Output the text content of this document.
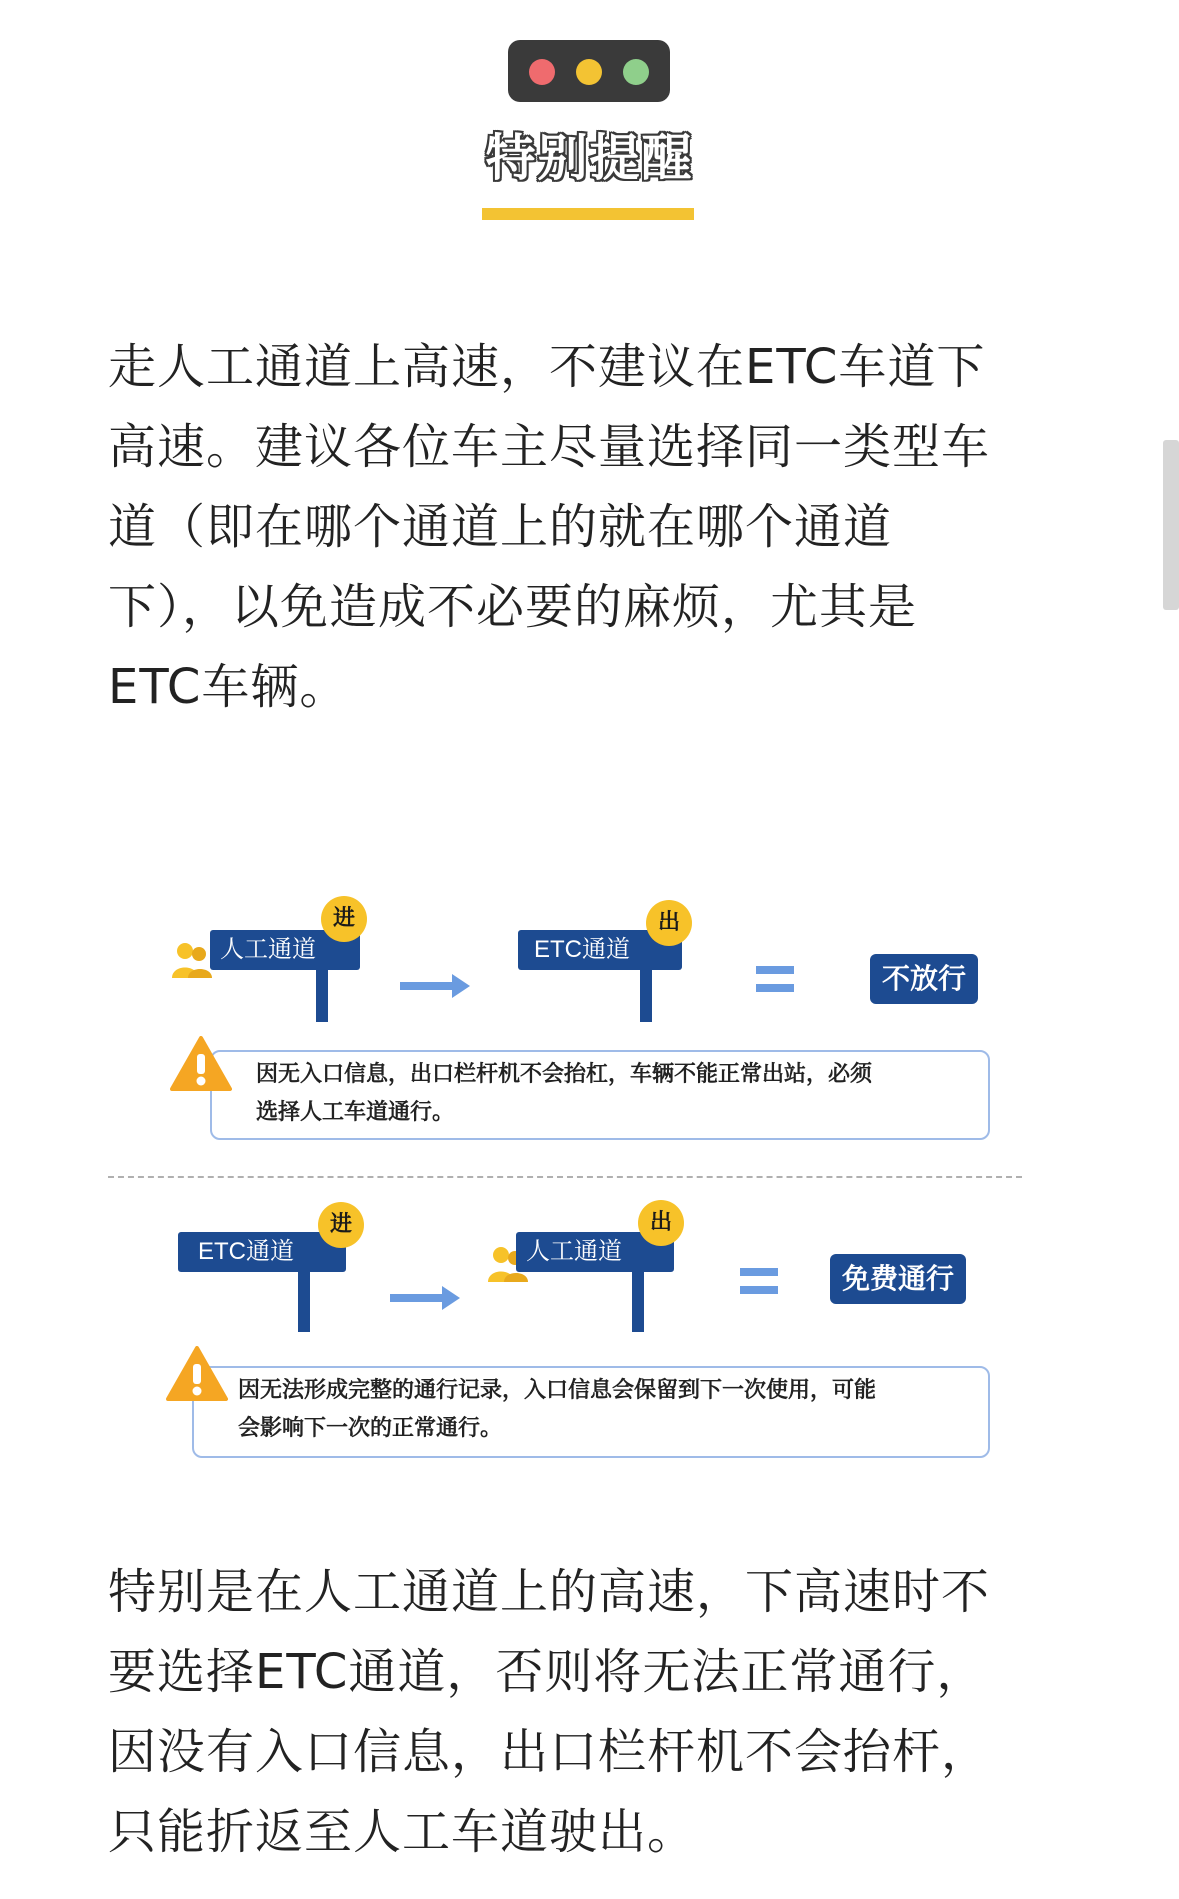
特别提醒

走人工通道上高速，不建议在ETC车道下

高速。建议各位车主尽量选择同一类型车

道（即在哪个通道上的就在哪个通道

下），以免造成不必要的麻烦，尤其是

ETC车辆。

人工通道
进
ETC通道
出
不放行
因无入口信息，出口栏杆机不会抬杠，车辆不能正常出站，必须
选择人工车道通行。
ETC通道
进
人工通道
出
免费通行
因无法形成完整的通行记录，入口信息会保留到下一次使用，可能
会影响下一次的正常通行。

特别是在人工通道上的高速，下高速时不

要选择ETC通道，否则将无法正常通行，

因没有入口信息，出口栏杆机不会抬杆，

只能折返至人工车道驶出。
